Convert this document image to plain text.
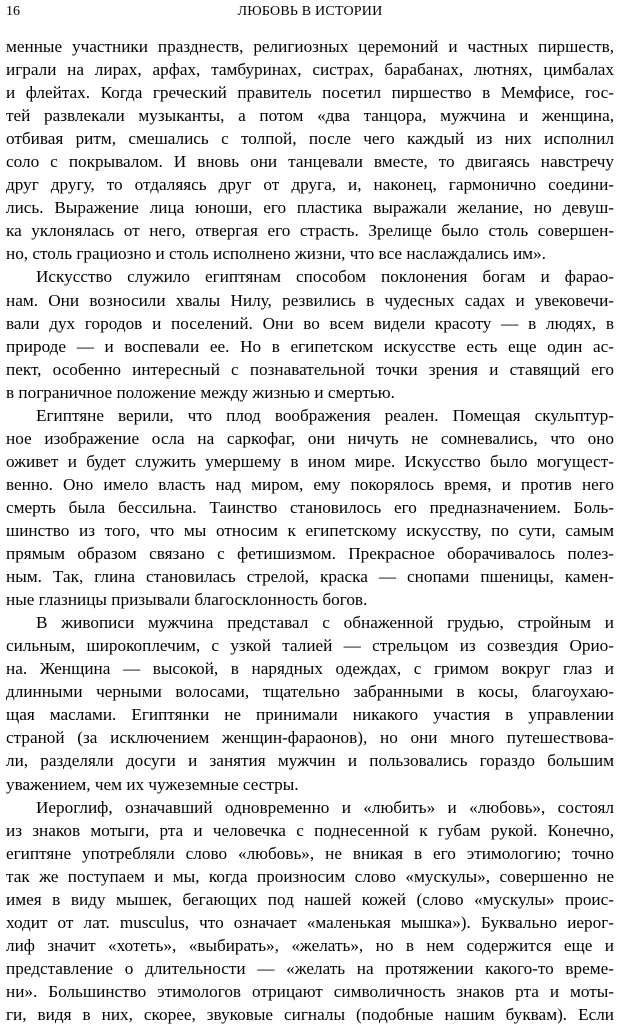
16	ЛЮБОВЬ В ИСТОРИИ
менные участники празднеств, религиозных церемоний и частных пиршеств,
играли на лирах, арфах, тамбуринах, систрах, барабанах, лютнях, цимбалах
и флейтах. Когда греческий правитель посетил пиршество в Мемфисе, гос-
тей развлекали музыканты, а потом «два танцора, мужчина и женщина,
отбивая ритм, смешались с толпой, после чего каждый из них исполнил
соло с покрывалом. И вновь они танцевали вместе, то двигаясь навстречу
друг другу, то отдаляясь друг от друга, и, наконец, гармонично соедини-
лись. Выражение лица юноши, его пластика выражали желание, но девуш-
ка уклонялась от него, отвергая его страсть. Зрелище было столь совершен-
но, столь грациозно и столь исполнено жизни, что все наслаждались им».
Искусство служило египтянам способом поклонения богам и фарао-
нам. Они возносили хвалы Нилу, резвились в чудесных садах и увековечи-
вали дух городов и поселений. Они во всем видели красоту — в людях, в
природе — и воспевали ее. Но в египетском искусстве есть еще один ас-
пект, особенно интересный с познавательной точки зрения и ставящий его
в пограничное положение между жизнью и смертью.
Египтяне верили, что плод воображения реален. Помещая скульптур-
ное изображение осла на саркофаг, они ничуть не сомневались, что оно
оживет и будет служить умершему в ином мире. Искусство было могущест-
венно. Оно имело власть над миром, ему покорялось время, и против него
смерть была бессильна. Таинство становилось его предназначением. Боль-
шинство из того, что мы относим к египетскому искусству, по сути, самым
прямым образом связано с фетишизмом. Прекрасное оборачивалось полез-
ным. Так, глина становилась стрелой, краска — снопами пшеницы, камен-
ные глазницы призывали благосклонность богов.
В живописи мужчина представал с обнаженной грудью, стройным и
сильным, широкоплечим, с узкой талией — стрельцом из созвездия Орио-
на. Женщина — высокой, в нарядных одеждах, с гримом вокруг глаз и
длинными черными волосами, тщательно забранными в косы, благоухаю-
щая маслами. Египтянки не принимали никакого участия в управлении
страной (за исключением женщин-фараонов), но они много путешествова-
ли, разделяли досуги и занятия мужчин и пользовались гораздо большим
уважением, чем их чужеземные сестры.
Иероглиф, означавший одновременно и «любить» и «любовь», состоял
из знаков мотыги, рта и человечка с поднесенной к губам рукой. Конечно,
египтяне употребляли слово «любовь», не вникая в его этимологию; точно
так же поступаем и мы, когда произносим слово «мускулы», совершенно не
имея в виду мышек, бегающих под нашей кожей (слово «мускулы» проис-
ходит от лат. musculus, что означает «маленькая мышка»). Буквально иерог-
лиф значит «хотеть», «выбирать», «желать», но в нем содержится еще и
представление о длительности — «желать на протяжении какого-то време-
ни». Большинство этимологов отрицают символичность знаков рта и моты-
ги, видя в них, скорее, звуковые сигналы (подобные нашим буквам). Если
